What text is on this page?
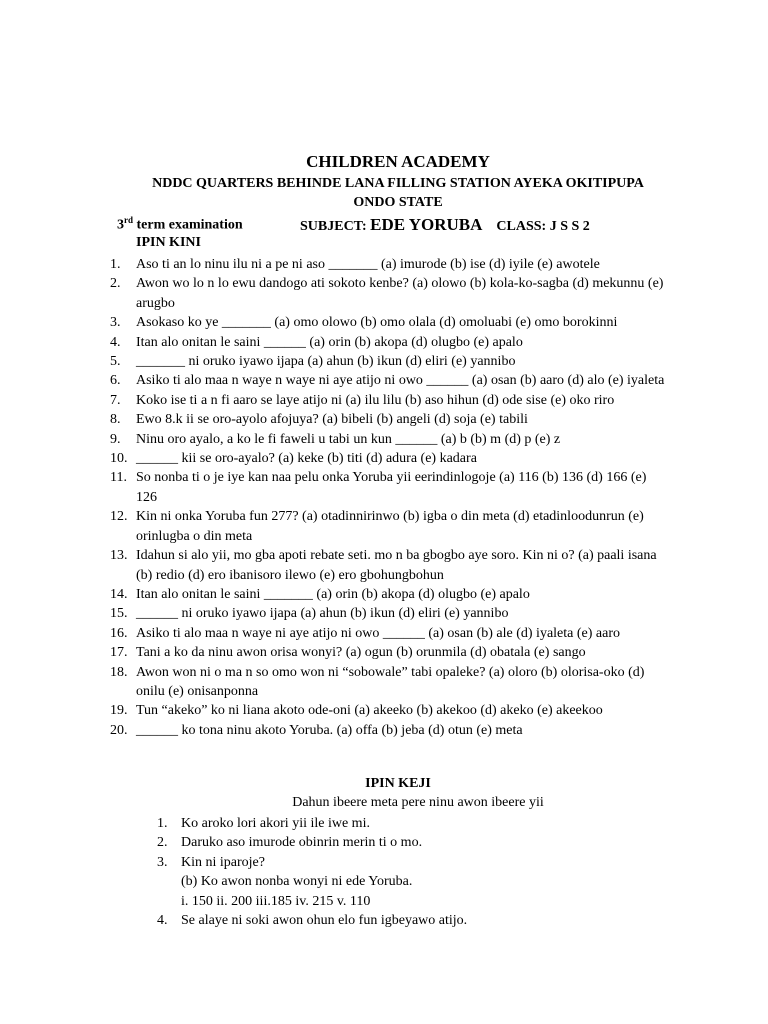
CHILDREN ACADEMY
NDDC QUARTERS BEHINDE LANA FILLING STATION AYEKA OKITIPUPA
ONDO STATE
3rd term examination	SUBJECT: EDE YORUBA CLASS: J S S 2
IPIN KINI
1.	Aso ti an lo ninu ilu ni a pe ni aso _______ (a) imurode (b) ise (d) iyile (e) awotele
2.	Awon wo lo n lo ewu dandogo ati sokoto kenbe? (a) olowo (b) kola-ko-sagba (d) mekunnu (e) arugbo
3.	Asokaso ko ye _______ (a) omo olowo (b) omo olala (d) omoluabi (e) omo borokinni
4.	Itan alo onitan le saini ______ (a) orin (b) akopa (d) olugbo (e) apalo
5.	_______ ni oruko iyawo ijapa (a) ahun (b) ikun (d) eliri (e) yannibo
6.	Asiko ti alo maa n waye n waye ni aye atijo ni owo ______ (a) osan (b) aaro (d) alo (e) iyaleta
7.	Koko ise ti a n fi aaro se laye atijo ni (a) ilu lilu (b) aso hihun (d) ode sise (e) oko riro
8.	Ewo 8.k ii se oro-ayolo afojuya? (a) bibeli (b) angeli (d) soja (e) tabili
9.	Ninu oro ayalo, a ko le fi faweli u tabi un kun ______ (a) b (b) m (d) p (e) z
10. ______ kii se oro-ayalo? (a) keke (b) titi (d) adura (e) kadara
11. So nonba ti o je iye kan naa pelu onka Yoruba yii eerindinlogoje (a) 116 (b) 136 (d) 166 (e) 126
12. Kin ni onka Yoruba fun 277? (a) otadinnirinwo (b) igba o din meta (d) etadinloodunrun (e) orinlugba o din meta
13. Idahun si alo yii, mo gba apoti rebate seti. mo n ba gbogbo aye soro. Kin ni o? (a) paali isana (b) redio (d) ero ibanisoro ilewo (e) ero gbohungbohun
14. Itan alo onitan le saini _______ (a) orin (b) akopa (d) olugbo (e) apalo
15. ______ ni oruko iyawo ijapa (a) ahun (b) ikun (d) eliri (e) yannibo
16. Asiko ti alo maa n waye ni aye atijo ni owo ______ (a) osan (b) ale (d) iyaleta (e) aaro
17. Tani a ko da ninu awon orisa wonyi? (a) ogun (b) orunmila (d) obatala (e) sango
18. Awon won ni o ma n so omo won ni “sobowale” tabi opaleke? (a) oloro (b) olorisa-oko (d) onilu (e) onisanponna
19. Tun “akeko” ko ni liana akoto ode-oni (a) akeeko (b) akekoo (d) akeko (e) akeekoo
20. ______ ko tona ninu akoto Yoruba. (a) offa (b) jeba (d) otun (e) meta
IPIN KEJI
Dahun ibeere meta pere ninu awon ibeere yii
1. Ko aroko lori akori yii ile iwe mi.
2. Daruko aso imurode obinrin merin ti o mo.
3. Kin ni iparoje?
(b) Ko awon nonba wonyi ni ede Yoruba.
i. 150 ii. 200 iii.185 iv. 215 v. 110
4. Se alaye ni soki awon ohun elo fun igbeyawo atijo.
